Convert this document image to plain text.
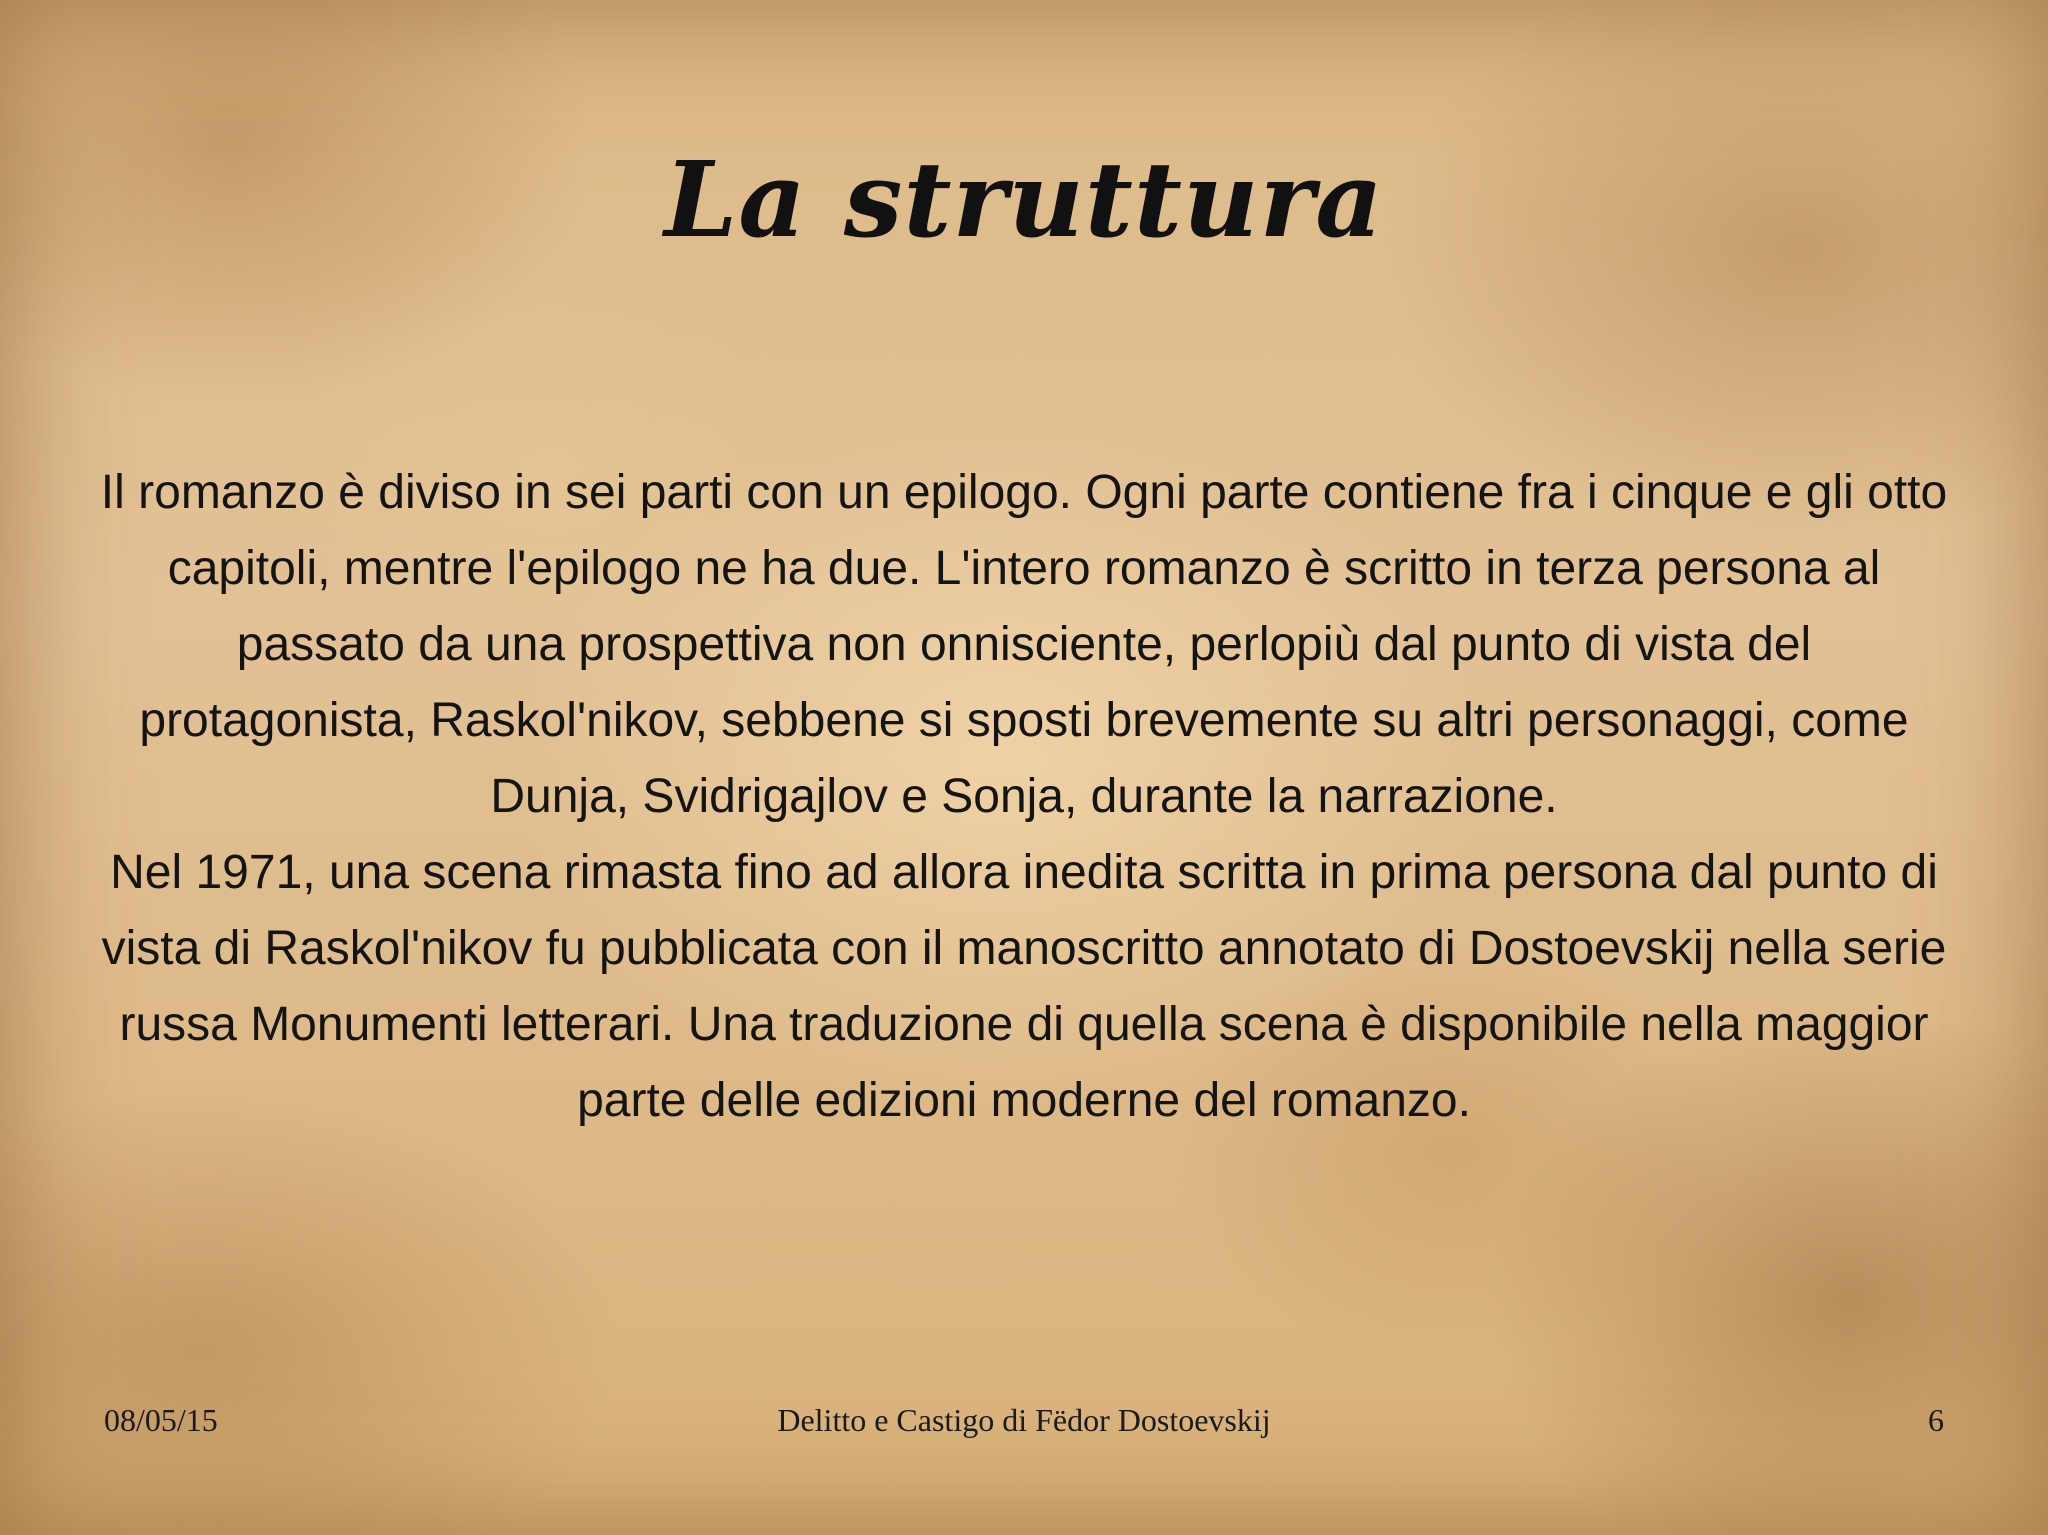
La struttura

Il romanzo è diviso in sei parti con un epilogo. Ogni parte contiene fra i cinque e gli otto capitoli, mentre l'epilogo ne ha due. L'intero romanzo è scritto in terza persona al passato da una prospettiva non onnisciente, perlopiù dal punto di vista del protagonista, Raskol'nikov, sebbene si sposti brevemente su altri personaggi, come Dunja, Svidrigajlov e Sonja, durante la narrazione.

Nel 1971, una scena rimasta fino ad allora inedita scritta in prima persona dal punto di vista di Raskol'nikov fu pubblicata con il manoscritto annotato di Dostoevskij nella serie russa Monumenti letterari. Una traduzione di quella scena è disponibile nella maggior parte delle edizioni moderne del romanzo.

Delitto e Castigo di Fëdor Dostoevskij
08/05/15	6
